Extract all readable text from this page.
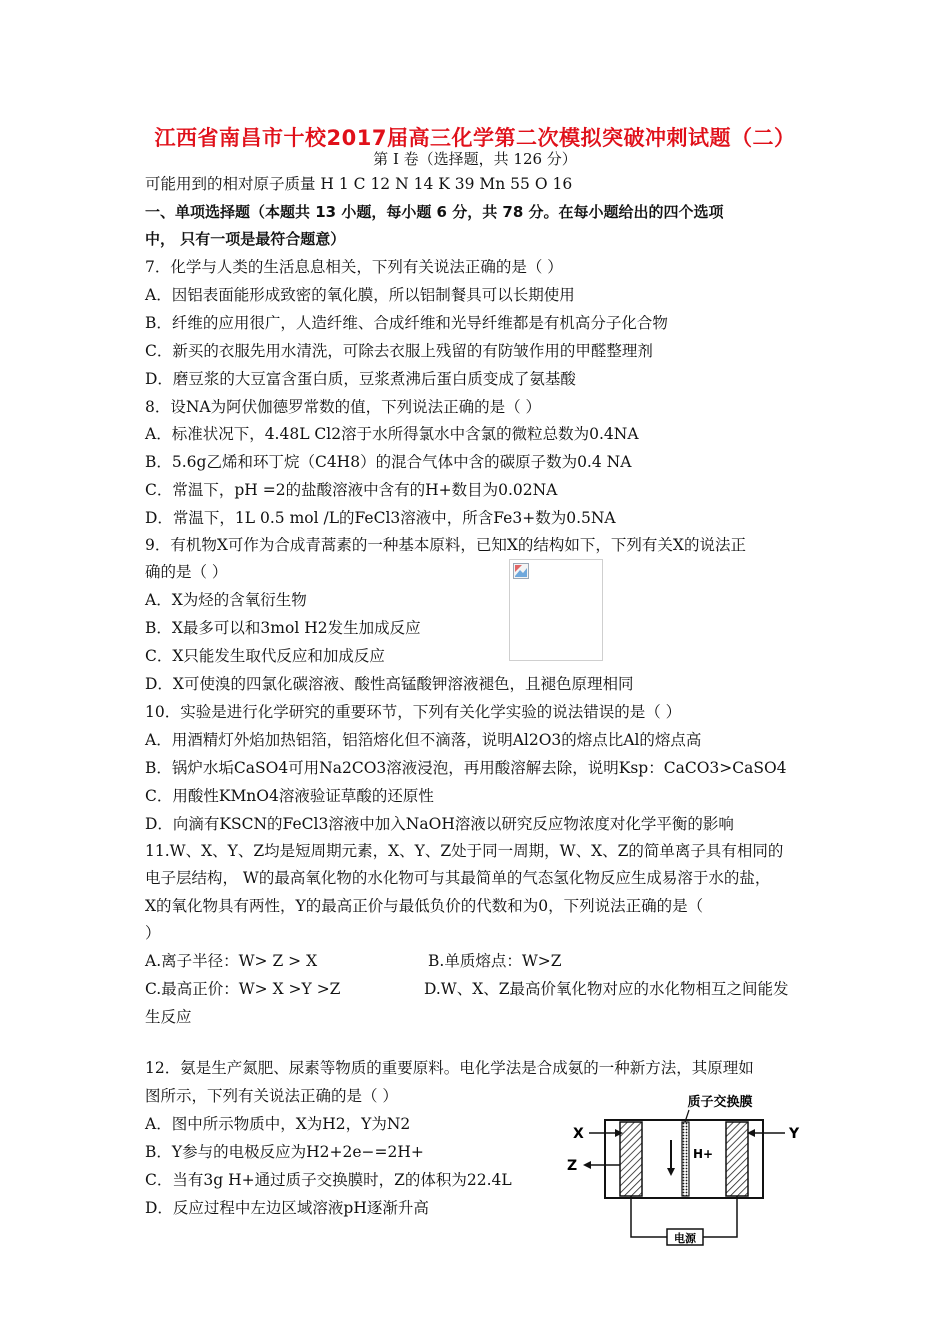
江西省南昌市十校2017届高三化学第二次模拟突破冲刺试题（二）
第 I 卷（选择题，共 126 分）
可能用到的相对原子质量 H 1 C 12 N 14 K 39 Mn 55 O 16
一、单项选择题（本题共 13 小题，每小题 6 分，共 78 分。在每小题给出的四个选项
中， 只有一项是最符合题意）
7．化学与人类的生活息息相关，下列有关说法正确的是（ ）
A．因铝表面能形成致密的氧化膜，所以铝制餐具可以长期使用
B．纤维的应用很广，人造纤维、合成纤维和光导纤维都是有机高分子化合物
C．新买的衣服先用水清洗，可除去衣服上残留的有防皱作用的甲醛整理剂
D．磨豆浆的大豆富含蛋白质，豆浆煮沸后蛋白质变成了氨基酸
8．设NA为阿伏伽德罗常数的值，下列说法正确的是（ ）
A．标准状况下，4.48L Cl2溶于水所得氯水中含氯的微粒总数为0.4NA
B．5.6g乙烯和环丁烷（C4H8）的混合气体中含的碳原子数为0.4 NA
C．常温下，pH =2的盐酸溶液中含有的H+数目为0.02NA
D．常温下，1L 0.5 mol /L的FeCl3溶液中，所含Fe3+数为0.5NA
9．有机物X可作为合成青蒿素的一种基本原料，已知X的结构如下，下列有关X的说法正
确的是（ ）
A．X为烃的含氧衍生物
B．X最多可以和3mol H2发生加成反应
C．X只能发生取代反应和加成反应
D．X可使溴的四氯化碳溶液、酸性高锰酸钾溶液褪色，且褪色原理相同
10．实验是进行化学研究的重要环节，下列有关化学实验的说法错误的是（ ）
A．用酒精灯外焰加热铝箔，铝箔熔化但不滴落，说明Al2O3的熔点比Al的熔点高
B．锅炉水垢CaSO4可用Na2CO3溶液浸泡，再用酸溶解去除，说明Ksp：CaCO3>CaSO4
C．用酸性KMnO4溶液验证草酸的还原性
D．向滴有KSCN的FeCl3溶液中加入NaOH溶液以研究反应物浓度对化学平衡的影响
11.W、X、Y、Z均是短周期元素，X、Y、Z处于同一周期，W、X、Z的简单离子具有相同的
电子层结构， W的最高氧化物的水化物可与其最简单的气态氢化物反应生成易溶于水的盐，
X的氧化物具有两性，Y的最高正价与最低负价的代数和为0，下列说法正确的是（
）
A.离子半径：W> Z > X	B.单质熔点：W>Z
C.最高正价：W> X >Y >Z	D.W、X、Z最高价氧化物对应的水化物相互之间能发
生反应
12．氨是生产氮肥、尿素等物质的重要原料。电化学法是合成氨的一种新方法，其原理如
图所示，下列有关说法正确的是（ ）
A．图中所示物质中，X为H2，Y为N2
B．Y参与的电极反应为H2+2e−=2H+
C．当有3g H+通过质子交换膜时，Z的体积为22.4L
D．反应过程中左边区域溶液pH逐渐升高
质子交换膜
H+
X
Z
Y
电源
